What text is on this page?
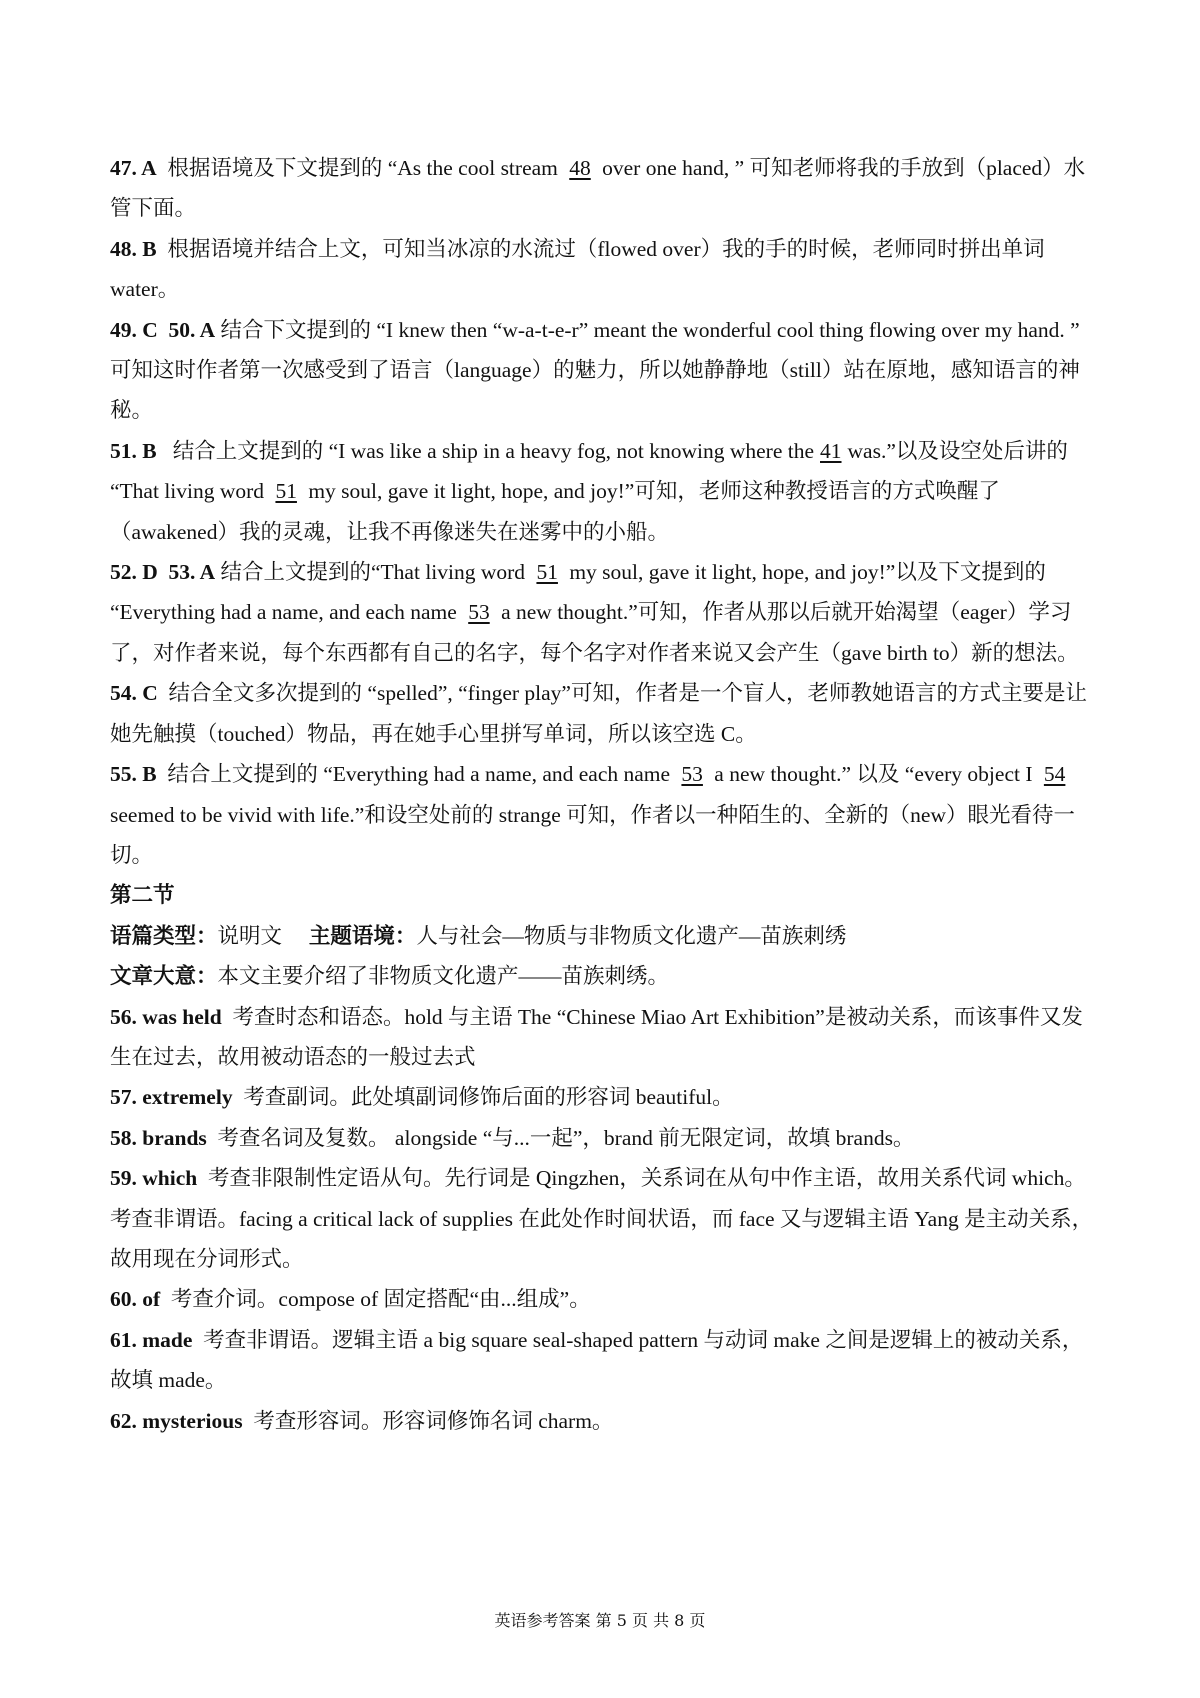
47. A  根据语境及下文提到的 “As the cool stream 48 over one hand, ” 可知老师将我的手放到（placed）水管下面。

48. B  根据语境并结合上文，可知当冰凉的水流过（flowed over）我的手的时候，老师同时拼出单词 water。

49. C  50. A 结合下文提到的 “I knew then “w-a-t-e-r” meant the wonderful cool thing flowing over my hand. ” 可知这时作者第一次感受到了语言（language）的魅力，所以她静静地（still）站在原地，感知语言的神秘。

51. B   结合上文提到的 “I was like a ship in a heavy fog, not knowing where the 41 was.”以及设空处后讲的 “That living word 51 my soul, gave it light, hope, and joy!”可知，老师这种教授语言的方式唤醒了（awakened）我的灵魂，让我不再像迷失在迷雾中的小船。

52. D  53. A 结合上文提到的“That living word 51 my soul, gave it light, hope, and joy!”以及下文提到的 “Everything had a name, and each name 53 a new thought.”可知，作者从那以后就开始渴望（eager）学习了，对作者来说，每个东西都有自己的名字，每个名字对作者来说又会产生（gave birth to）新的想法。

54. C  结合全文多次提到的 “spelled”, “finger play”可知，作者是一个盲人，老师教她语言的方式主要是让她先触摸（touched）物品，再在她手心里拼写单词，所以该空选 C。

55. B  结合上文提到的 “Everything had a name, and each name 53 a new thought.” 以及 “every object I 54 seemed to be vivid with life.”和设空处前的 strange 可知，作者以一种陌生的、全新的（new）眼光看待一切。

第二节

语篇类型：说明文     主题语境：人与社会—物质与非物质文化遗产—苗族刺绣

文章大意：本文主要介绍了非物质文化遗产——苗族刺绣。

56. was held  考查时态和语态。hold 与主语 The “Chinese Miao Art Exhibition”是被动关系，而该事件又发生在过去，故用被动语态的一般过去式

57. extremely  考查副词。此处填副词修饰后面的形容词 beautiful。

58. brands  考查名词及复数。 alongside “与...一起”，brand 前无限定词，故填 brands。

59. which  考查非限制性定语从句。先行词是 Qingzhen，关系词在从句中作主语，故用关系代词 which。

考查非谓语。facing a critical lack of supplies 在此处作时间状语，而 face 又与逻辑主语 Yang 是主动关系，故用现在分词形式。

60. of  考查介词。compose of 固定搭配“由...组成”。

61. made  考查非谓语。逻辑主语 a big square seal-shaped pattern 与动词 make 之间是逻辑上的被动关系，故填 made。

62. mysterious  考查形容词。形容词修饰名词 charm。

英语参考答案 第 5 页 共 8 页
